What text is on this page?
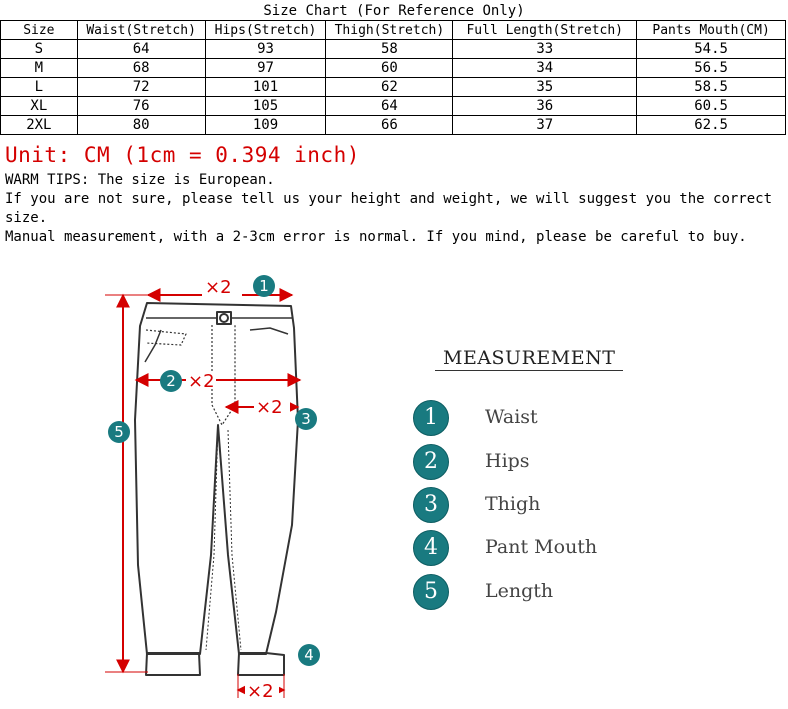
Size Chart (For Reference Only)
Size	Waist(Stretch)	Hips(Stretch)	Thigh(Stretch)	Full Length(Stretch)	Pants Mouth(CM)
S	64	93	58	33	54.5
M	68	97	60	34	56.5
L	72	101	62	35	58.5
XL	76	105	64	36	60.5
2XL	80	109	66	37	62.5
Unit: CM (1cm = 0.394 inch)
WARM TIPS: The size is European.
If you are not sure, please tell us your height and weight, we will suggest you the correct size.
Manual measurement, with a 2-3cm error is normal. If you mind, please be careful to buy.
×2
×2
×2
×2
1
2
3
4
5
MEASUREMENT
1	Waist
2	Hips
3	Thigh
4	Pant Mouth
5	Length
